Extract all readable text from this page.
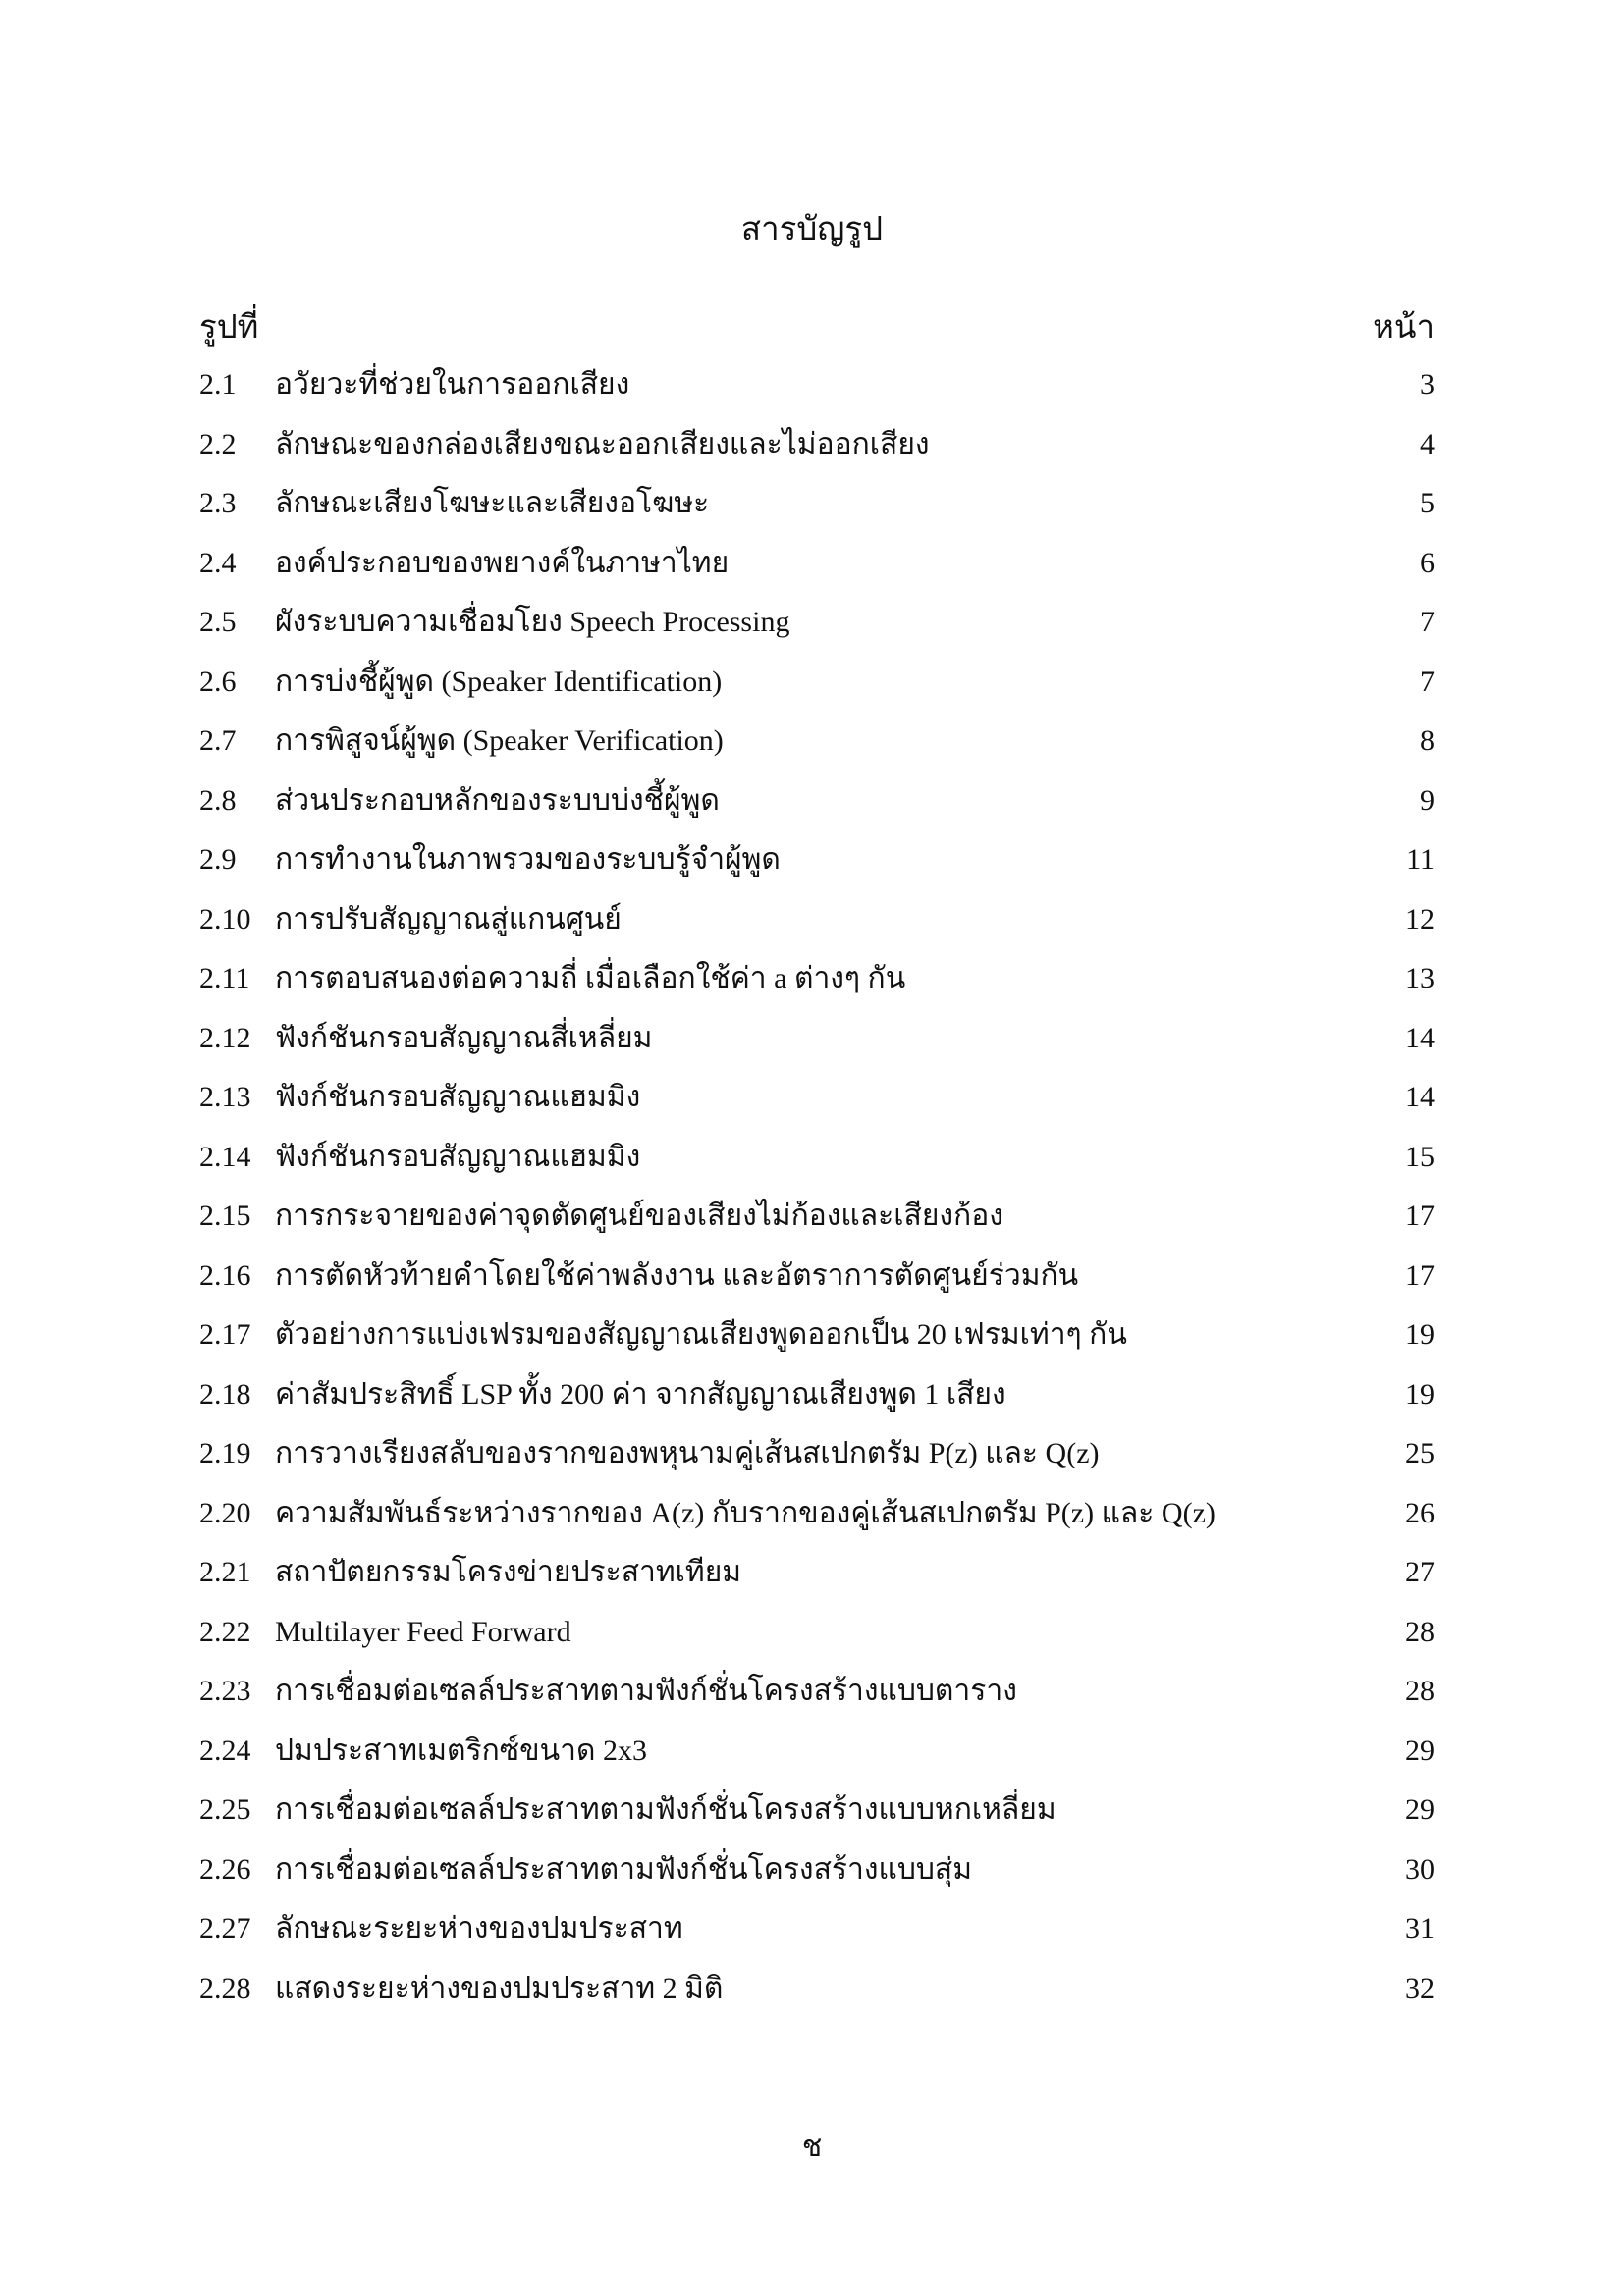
สารบัญรูป
รูปที่	หน้า
2.1 อวัยวะที่ช่วยในการออกเสียง	3
2.2 ลักษณะของกล่องเสียงขณะออกเสียงและไม่ออกเสียง	4
2.3 ลักษณะเสียงโฆษะและเสียงอโฆษะ	5
2.4 องค์ประกอบของพยางค์ในภาษาไทย	6
2.5 ผังระบบความเชื่อมโยง Speech Processing	7
2.6 การบ่งชี้ผู้พูด (Speaker Identification)	7
2.7 การพิสูจน์ผู้พูด (Speaker Verification)	8
2.8 ส่วนประกอบหลักของระบบบ่งชี้ผู้พูด	9
2.9 การทำงานในภาพรวมของระบบรู้จำผู้พูด	11
2.10 การปรับสัญญาณสู่แกนศูนย์	12
2.11 การตอบสนองต่อความถี่ เมื่อเลือกใช้ค่า a ต่างๆ กัน	13
2.12 ฟังก์ชันกรอบสัญญาณสี่เหลี่ยม	14
2.13 ฟังก์ชันกรอบสัญญาณแฮมมิง	14
2.14 ฟังก์ชันกรอบสัญญาณแฮมมิง	15
2.15 การกระจายของค่าจุดตัดศูนย์ของเสียงไม่ก้องและเสียงก้อง	17
2.16 การตัดหัวท้ายคำโดยใช้ค่าพลังงาน และอัตราการตัดศูนย์ร่วมกัน	17
2.17 ตัวอย่างการแบ่งเฟรมของสัญญาณเสียงพูดออกเป็น 20 เฟรมเท่าๆ กัน	19
2.18 ค่าสัมประสิทธิ์ LSP ทั้ง 200 ค่า จากสัญญาณเสียงพูด 1 เสียง	19
2.19 การวางเรียงสลับของรากของพหุนามคู่เส้นสเปกตรัม P(z) และ Q(z)	25
2.20 ความสัมพันธ์ระหว่างรากของ A(z) กับรากของคู่เส้นสเปกตรัม P(z) และ Q(z)	26
2.21 สถาปัตยกรรมโครงข่ายประสาทเทียม	27
2.22 Multilayer Feed Forward	28
2.23 การเชื่อมต่อเซลล์ประสาทตามฟังก์ชั่นโครงสร้างแบบตาราง	28
2.24 ปมประสาทเมตริกซ์ขนาด 2x3	29
2.25 การเชื่อมต่อเซลล์ประสาทตามฟังก์ชั่นโครงสร้างแบบหกเหลี่ยม	29
2.26 การเชื่อมต่อเซลล์ประสาทตามฟังก์ชั่นโครงสร้างแบบสุ่ม	30
2.27 ลักษณะระยะห่างของปมประสาท	31
2.28 แสดงระยะห่างของปมประสาท 2 มิติ	32
ช
